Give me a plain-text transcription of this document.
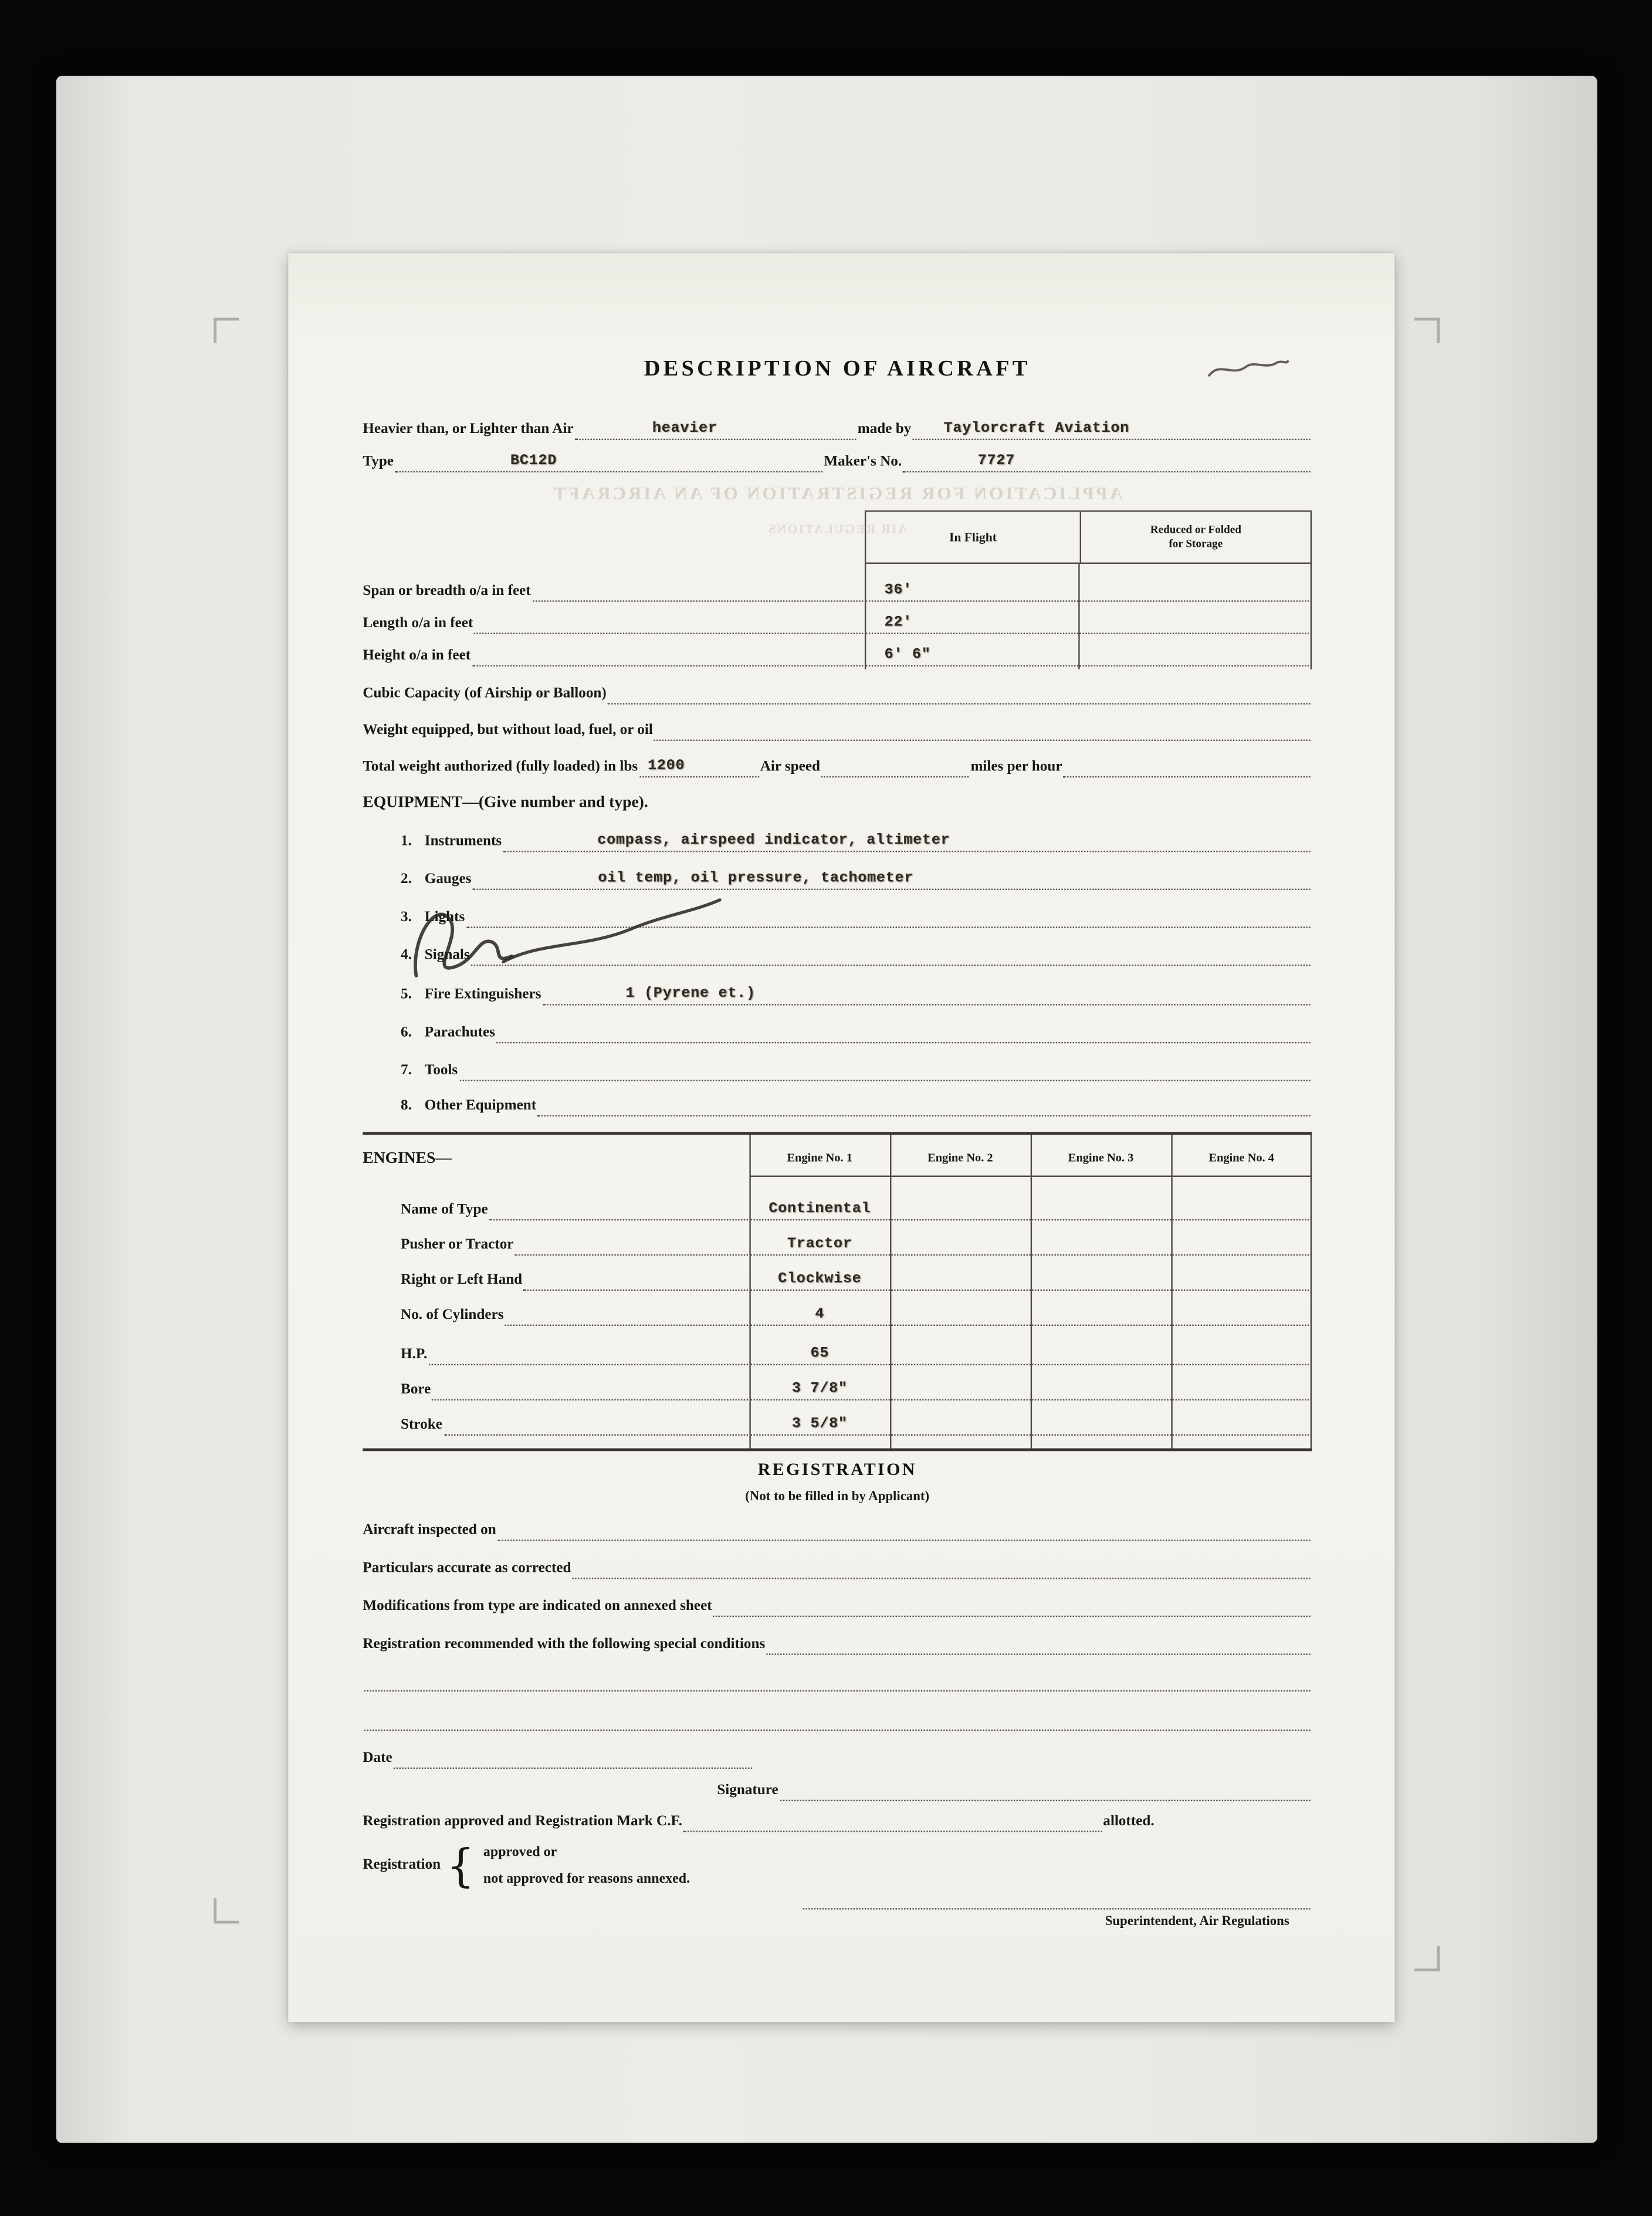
DESCRIPTION OF AIRCRAFT
APPLICATION FOR REGISTRATION OF AN AIRCRAFT
AIR REGULATIONS
Heavier than, or Lighter than Air	heavier	made by	Taylorcraft Aviation
Type	BC12D	Maker's No.	7727
In Flight
Reduced or Folded
for Storage
Span or breadth o/a in feet	36'
Length o/a in feet	22'
Height o/a in feet	6' 6"
Cubic Capacity (of Airship or Balloon)
Weight equipped, but without load, fuel, or oil
Total weight authorized (fully loaded) in lbs 1200	Air speed	miles per hour
EQUIPMENT—(Give number and type).
1.	Instruments	compass, airspeed indicator, altimeter
2.	Gauges	oil temp, oil pressure, tachometer
3.	Lights
4.	Signals
5.	Fire Extinguishers	1 (Pyrene et.)
6.	Parachutes
7.	Tools
8.	Other Equipment
ENGINES—	Engine No. 1	Engine No. 2	Engine No. 3	Engine No. 4
Name of Type	Continental
Pusher or Tractor	Tractor
Right or Left Hand	Clockwise
No. of Cylinders	4
H.P.	65
Bore	3 7/8"
Stroke	3 5/8"
REGISTRATION
(Not to be filled in by Applicant)
Aircraft inspected on
Particulars accurate as corrected
Modifications from type are indicated on annexed sheet
Registration recommended with the following special conditions
Date
Signature
Registration approved and Registration Mark C.F.	allotted.
Registration { approved or
not approved for reasons annexed.
Superintendent, Air Regulations
